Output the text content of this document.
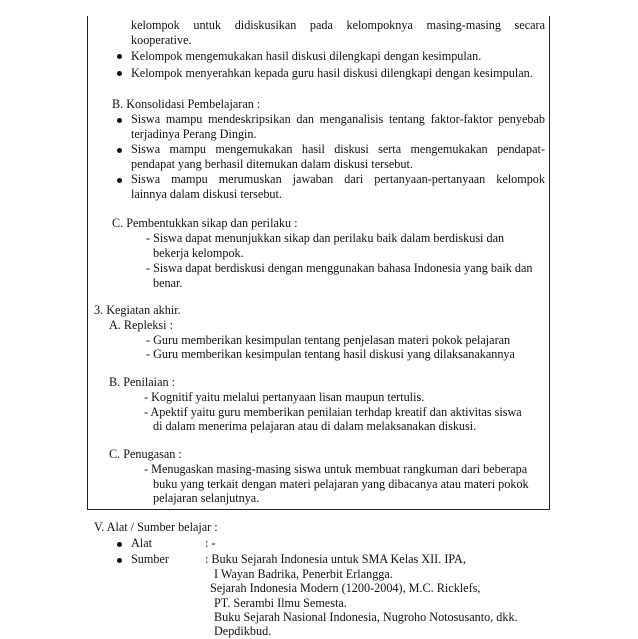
kelompok untuk didiskusikan pada kelompoknya masing-masing secara
kooperative.
Kelompok mengemukakan hasil diskusi dilengkapi dengan kesimpulan.
Kelompok menyerahkan kepada guru hasil diskusi dilengkapi dengan kesimpulan.
B. Konsolidasi Pembelajaran :
Siswa mampu mendeskripsikan dan menganalisis tentang faktor-faktor penyebab
terjadinya Perang Dingin.
Siswa mampu mengemukakan hasil diskusi serta mengemukakan pendapat-
pendapat yang berhasil ditemukan dalam diskusi tersebut.
Siswa mampu merumuskan jawaban dari pertanyaan-pertanyaan kelompok
lainnya dalam diskusi tersebut.
C. Pembentukkan sikap dan perilaku :
- Siswa dapat menunjukkan sikap dan perilaku baik dalam berdiskusi dan
bekerja kelompok.
- Siswa dapat berdiskusi dengan menggunakan bahasa Indonesia yang baik dan
benar.
3. Kegiatan akhir.
A. Repleksi :
- Guru memberikan kesimpulan tentang penjelasan materi pokok pelajaran
- Guru memberikan kesimpulan tentang hasil diskusi yang dilaksanakannya
B. Penilaian :
- Kognitif yaitu melalui pertanyaan lisan maupun tertulis.
- Apektif yaitu guru memberikan penilaian terhdap kreatif dan aktivitas siswa
di dalam menerima pelajaran atau di dalam melaksanakan diskusi.
C. Penugasan :
- Menugaskan masing-masing siswa untuk membuat rangkuman dari beberapa
buku yang terkait dengan materi pelajaran yang dibacanya atau materi pokok
pelajaran selanjutnya.
V. Alat / Sumber belajar :
Alat	: -
Sumber	: Buku Sejarah Indonesia untuk SMA Kelas XII. IPA,
I Wayan Badrika, Penerbit Erlangga.
Sejarah Indonesia Modern (1200-2004), M.C. Ricklefs,
PT. Serambi Ilmu Semesta.
Buku Sejarah Nasional Indonesia, Nugroho Notosusanto, dkk.
Depdikbud.
